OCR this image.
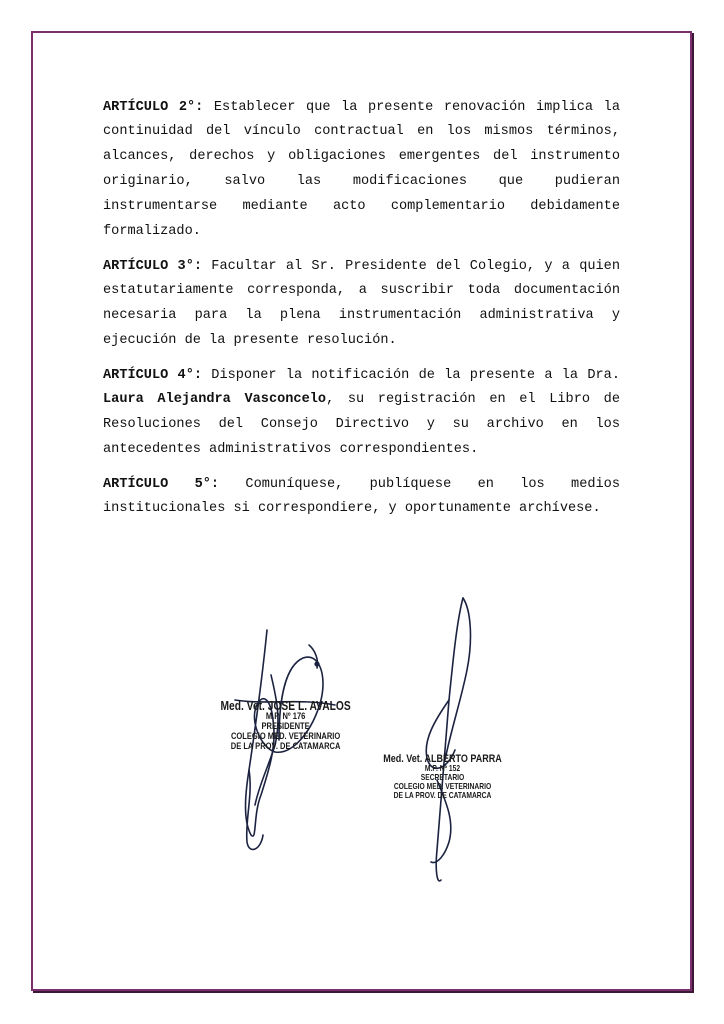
ARTÍCULO 2°: Establecer que la presente renovación implica la continuidad del vínculo contractual en los mismos términos, alcances, derechos y obligaciones emergentes del instrumento originario, salvo las modificaciones que pudieran instrumentarse mediante acto complementario debidamente formalizado.

ARTÍCULO 3°: Facultar al Sr. Presidente del Colegio, y a quien estatutariamente corresponda, a suscribir toda documentación necesaria para la plena instrumentación administrativa y ejecución de la presente resolución.

ARTÍCULO 4°: Disponer la notificación de la presente a la Dra. Laura Alejandra Vasconcelo, su registración en el Libro de Resoluciones del Consejo Directivo y su archivo en los antecedentes administrativos correspondientes.

ARTÍCULO 5°: Comuníquese, publíquese en los medios institucionales si correspondiere, y oportunamente archívese.

Med. Vet. JOSE L. AVALOS
M.P. Nº 176
PRESIDENTE
COLEGIO MED. VETERINARIO
DE LA PROV. DE CATAMARCA
Med. Vet. ALBERTO PARRA
M.P. Nº 152
SECRETARIO
COLEGIO MED. VETERINARIO
DE LA PROV. DE CATAMARCA
